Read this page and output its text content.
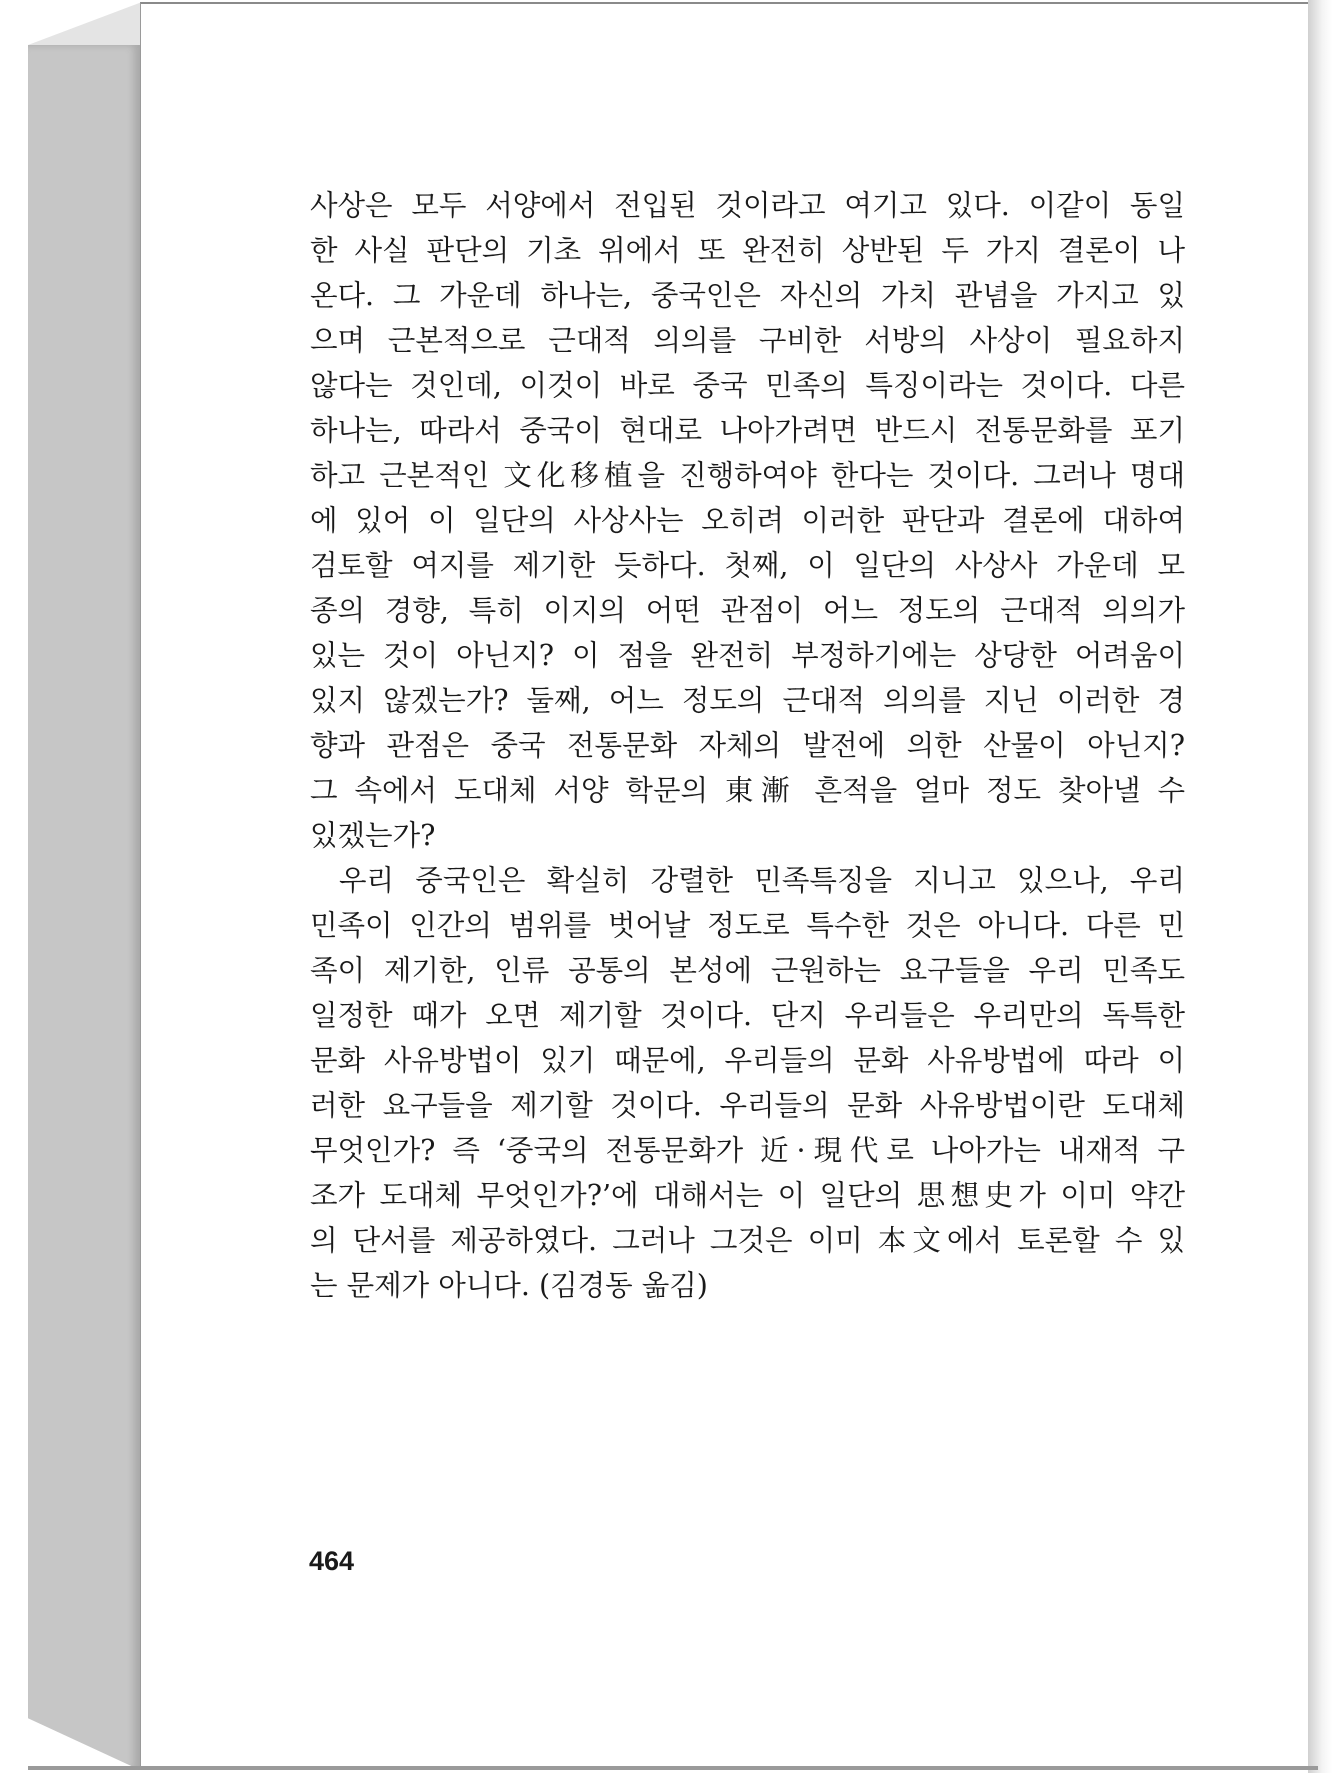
사상은 모두 서양에서 전입된 것이라고 여기고 있다. 이같이 동일
한 사실 판단의 기초 위에서 또 완전히 상반된 두 가지 결론이 나
온다. 그 가운데 하나는, 중국인은 자신의 가치 관념을 가지고 있
으며 근본적으로 근대적 의의를 구비한 서방의 사상이 필요하지
않다는 것인데, 이것이 바로 중국 민족의 특징이라는 것이다. 다른
하나는, 따라서 중국이 현대로 나아가려면 반드시 전통문화를 포기
하고 근본적인 文化移植을 진행하여야 한다는 것이다. 그러나 명대
에 있어 이 일단의 사상사는 오히려 이러한 판단과 결론에 대하여
검토할 여지를 제기한 듯하다. 첫째, 이 일단의 사상사 가운데 모
종의 경향, 특히 이지의 어떤 관점이 어느 정도의 근대적 의의가
있는 것이 아닌지? 이 점을 완전히 부정하기에는 상당한 어려움이
있지 않겠는가? 둘째, 어느 정도의 근대적 의의를 지닌 이러한 경
향과 관점은 중국 전통문화 자체의 발전에 의한 산물이 아닌지?
그 속에서 도대체 서양 학문의 東漸 흔적을 얼마 정도 찾아낼 수
있겠는가?
우리 중국인은 확실히 강렬한 민족특징을 지니고 있으나, 우리
민족이 인간의 범위를 벗어날 정도로 특수한 것은 아니다. 다른 민
족이 제기한, 인류 공통의 본성에 근원하는 요구들을 우리 민족도
일정한 때가 오면 제기할 것이다. 단지 우리들은 우리만의 독특한
문화 사유방법이 있기 때문에, 우리들의 문화 사유방법에 따라 이
러한 요구들을 제기할 것이다. 우리들의 문화 사유방법이란 도대체
무엇인가? 즉 ‘중국의 전통문화가 近·現代로 나아가는 내재적 구
조가 도대체 무엇인가?’에 대해서는 이 일단의 思想史가 이미 약간
의 단서를 제공하였다. 그러나 그것은 이미 本文에서 토론할 수 있
는 문제가 아니다. (김경동 옮김)
464
